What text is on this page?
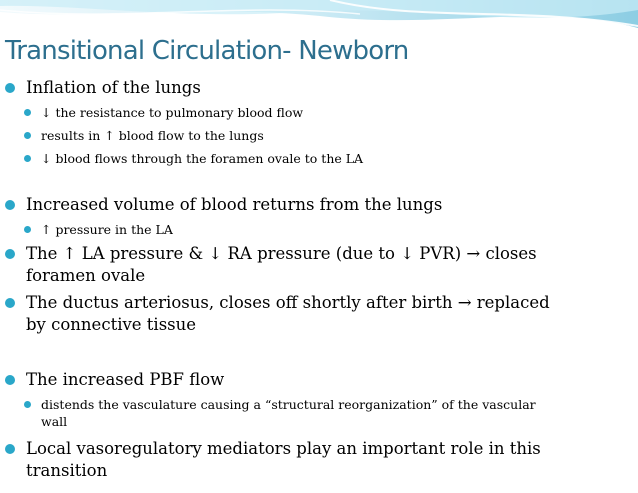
Transitional Circulation- Newborn
Inflation of the lungs
↓ the resistance to pulmonary blood flow
results in ↑ blood flow to the lungs
↓ blood flows through the foramen ovale to the LA
Increased volume of blood returns from the lungs
↑ pressure in the LA
The ↑ LA pressure & ↓ RA pressure (due to ↓ PVR) → closes
foramen ovale
The ductus arteriosus, closes off shortly after birth → replaced
by connective tissue
The increased PBF flow
distends the vasculature causing a “structural reorganization” of the vascular
wall
Local vasoregulatory mediators play an important role in this
transition
